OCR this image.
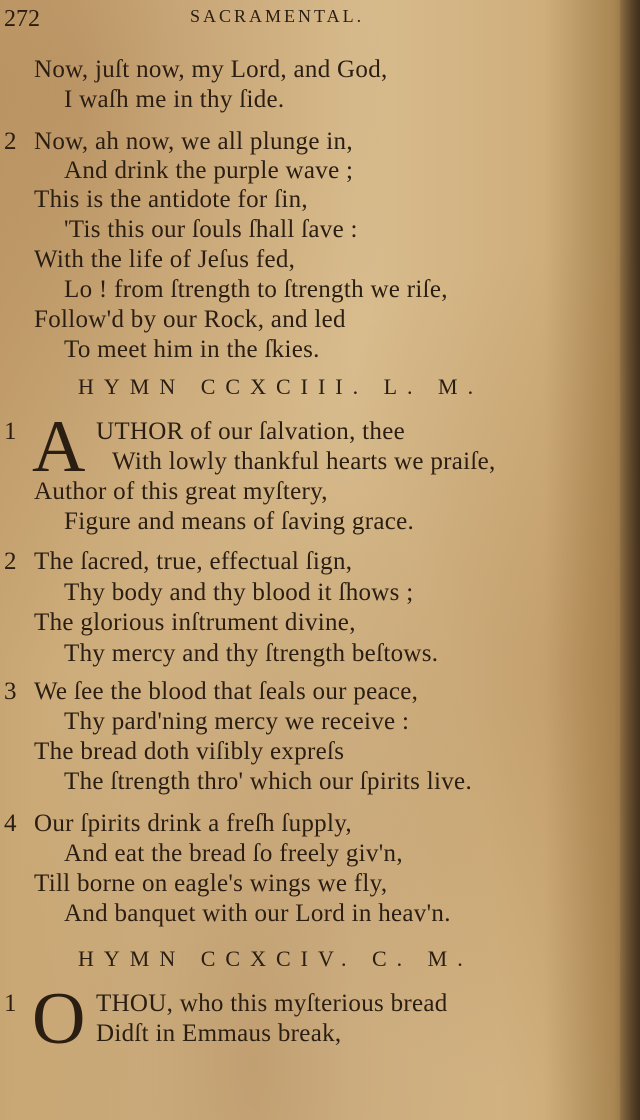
272	SACRAMENTAL.
Now, juſt now, my Lord, and God,
I waſh me in thy ſide.
2 Now, ah now, we all plunge in,
And drink the purple wave ;
This is the antidote for ſin,
'Tis this our ſouls ſhall ſave :
With the life of Jeſus fed,
Lo ! from ſtrength to ſtrength we riſe,
Follow'd by our Rock, and led
To meet him in the ſkies.
HYMN CCXCIII. L. M.
1 A UTHOR of our ſalvation, thee
With lowly thankful hearts we praiſe,
Author of this great myſtery,
Figure and means of ſaving grace.
2 The ſacred, true, effectual ſign,
Thy body and thy blood it ſhows ;
The glorious inſtrument divine,
Thy mercy and thy ſtrength beſtows.
3 We ſee the blood that ſeals our peace,
Thy pard'ning mercy we receive :
The bread doth viſibly expreſs
The ſtrength thro' which our ſpirits live.
4 Our ſpirits drink a freſh ſupply,
And eat the bread ſo freely giv'n,
Till borne on eagle's wings we fly,
And banquet with our Lord in heav'n.
HYMN CCXCIV. C. M.
1 O THOU, who this myſterious bread
Didſt in Emmaus break,
